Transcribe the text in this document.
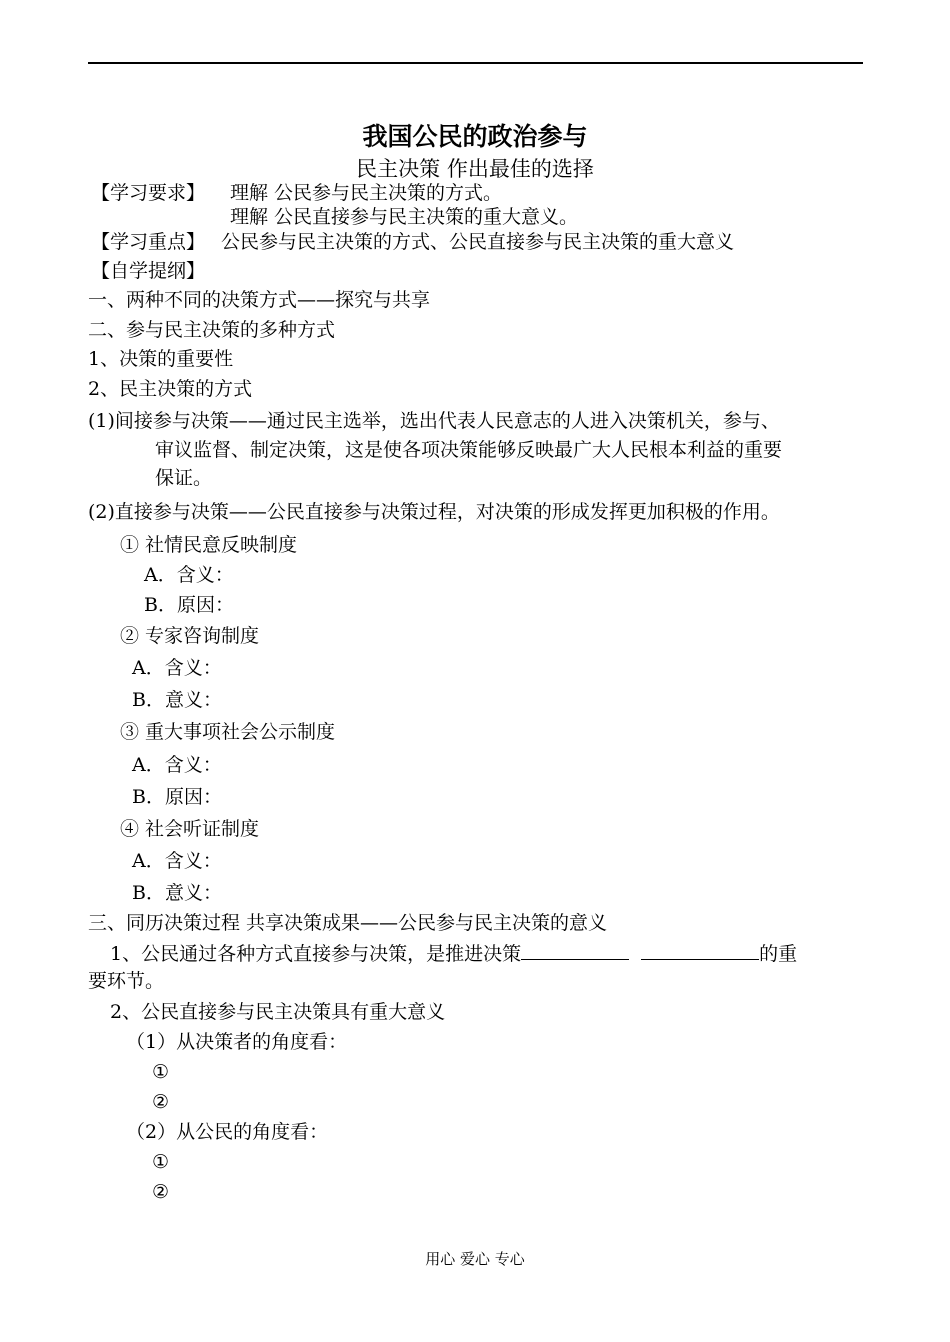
我国公民的政治参与
民主决策 作出最佳的选择
【学习要求】 理解 公民参与民主决策的方式。
理解 公民直接参与民主决策的重大意义。
【学习重点】 公民参与民主决策的方式、公民直接参与民主决策的重大意义
【自学提纲】
一、两种不同的决策方式——探究与共享
二、参与民主决策的多种方式
1、决策的重要性
2、民主决策的方式
(1)间接参与决策——通过民主选举，选出代表人民意志的人进入决策机关，参与、
审议监督、制定决策，这是使各项决策能够反映最广大人民根本利益的重要
保证。
(2)直接参与决策——公民直接参与决策过程，对决策的形成发挥更加积极的作用。
① 社情民意反映制度
A．含义：
B．原因：
② 专家咨询制度
A．含义：
B．意义：
③ 重大事项社会公示制度
A．含义：
B．原因：
④ 社会听证制度
A．含义：
B．意义：
三、同历决策过程 共享决策成果——公民参与民主决策的意义
1、公民通过各种方式直接参与决策，是推进决策	的重
要环节。
2、公民直接参与民主决策具有重大意义
（1）从决策者的角度看：
①
②
（2）从公民的角度看：
①
②
用心 爱心 专心
